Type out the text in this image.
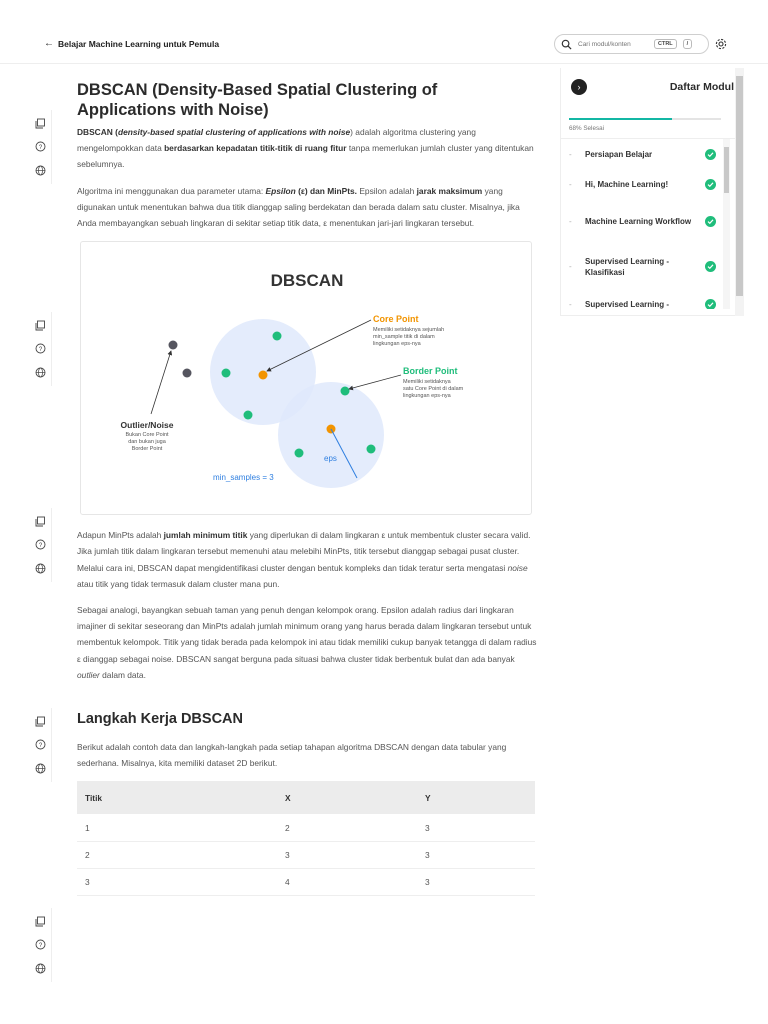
← Belajar Machine Learning untuk Pemula
Cari modul/konten	CTRL	/
?
?
?
?
?
DBSCAN (Density-Based Spatial Clustering of Applications with Noise)

DBSCAN (density-based spatial clustering of applications with noise) adalah algoritma clustering yang mengelompokkan data berdasarkan kepadatan titik-titik di ruang fitur tanpa memerlukan jumlah cluster yang ditentukan sebelumnya.

Algoritma ini menggunakan dua parameter utama: Epsilon (ε) dan MinPts. Epsilon adalah jarak maksimum yang digunakan untuk menentukan bahwa dua titik dianggap saling berdekatan dan berada dalam satu cluster. Misalnya, jika Anda membayangkan sebuah lingkaran di sekitar setiap titik data, ε menentukan jari-jari lingkaran tersebut.

DBSCAN
eps
min_samples = 3
Core Point
Memiliki setidaknya sejumlah
min_sample titik di dalam
lingkungan eps-nya
Border Point
Memiliki setidaknya
satu Core Point di dalam
lingkungan eps-nya
Outlier/Noise
Bukan Core Point
dan bukan juga
Border Point

Adapun MinPts adalah jumlah minimum titik yang diperlukan di dalam lingkaran ε untuk membentuk cluster secara valid. Jika jumlah titik dalam lingkaran tersebut memenuhi atau melebihi MinPts, titik tersebut dianggap sebagai pusat cluster. Melalui cara ini, DBSCAN dapat mengidentifikasi cluster dengan bentuk kompleks dan tidak teratur serta mengatasi noise atau titik yang tidak termasuk dalam cluster mana pun.

Sebagai analogi, bayangkan sebuah taman yang penuh dengan kelompok orang. Epsilon adalah radius dari lingkaran imajiner di sekitar seseorang dan MinPts adalah jumlah minimum orang yang harus berada dalam lingkaran tersebut untuk membentuk kelompok. Titik yang tidak berada pada kelompok ini atau tidak memiliki cukup banyak tetangga di dalam radius ε dianggap sebagai noise. DBSCAN sangat berguna pada situasi bahwa cluster tidak berbentuk bulat dan ada banyak outlier dalam data.

Langkah Kerja DBSCAN

Berikut adalah contoh data dan langkah-langkah pada setiap tahapan algoritma DBSCAN dengan data tabular yang sederhana. Misalnya, kita memiliki dataset 2D berikut.

Titik	X	Y
1	2	3
2	3	3
3	4	3
›	Daftar Modul
68% Selesai
-	Persiapan Belajar
-	Hi, Machine Learning!
-	Machine Learning Workflow
-
Supervised Learning - Klasifikasi
-	Supervised Learning -
